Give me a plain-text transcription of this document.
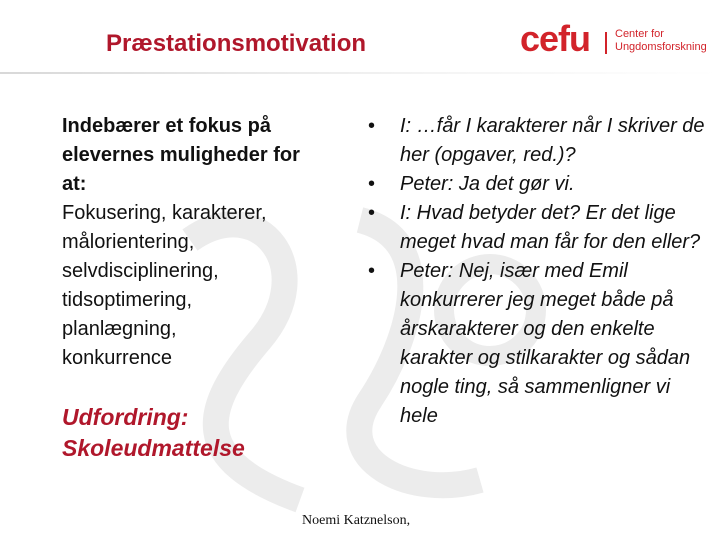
Præstationsmotivation	cefu Center for
Ungdomsforskning
Indebærer et fokus på
elevernes muligheder for
at:
Fokusering, karakterer,
målorientering,
selvdisciplinering,
tidsoptimering,
planlægning,
konkurrence
Udfordring:
Skoleudmattelse
• I: …får I karakterer når I skriver de her (opgaver, red.)?
• Peter: Ja det gør vi.
• I: Hvad betyder det? Er det lige meget hvad man får for den eller?
• Peter: Nej, især med Emil konkurrerer jeg meget både på årskarakterer og den enkelte karakter og stilkarakter og sådan nogle ting, så sammenligner vi hele
Noemi Katznelson,
